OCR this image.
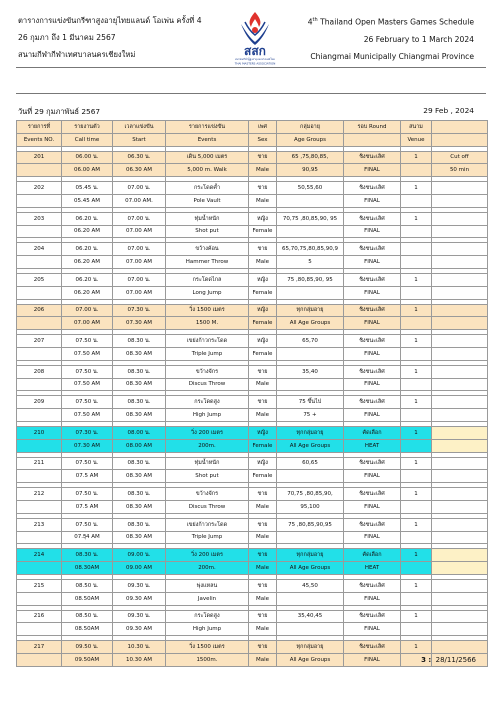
ตารางการแข่งขันกรีฑาสูงอายุไทยแลนด์ โอเพ่น ครั้งที่ 4
26 กุมภา ถึง 1 มีนาคม 2567
สนามกีฬากีฬาเทศบาลนครเชียงใหม่	สสก
สมาคมกีฬาผู้สูงอายุแห่งประเทศไทย
THAI MASTERS ASSOCIATION
4th Thailand Open Masters Games Schedule
26 February to 1 March 2024
Chiangmai Municipally Chiangmai Province
วันที่ 29 กุมภาพันธ์ 2567	29 Feb , 2024
รายการที่	รายงานตัว	เวลาแข่งขัน	รายการแข่งขัน	เพศ	กลุ่มอายุ	รอบ Round	สนาม	
Events NO.	Call time	Start	Events	Sex	Age Groups		Venue	

201	06.00 น.	06.30 น.	เดิน 5,000 เมตร	ชาย	65 ,75,80,85,	ชิงชนะเลิศ	1	Cut off
	06.00 AM	06.30 AM	5,000 m. Walk	Male	90,95	FINAL		50 min

202	05.45 น.	07.00 น.	กระโดดค้ำ	ชาย	50,55,60	ชิงชนะเลิศ	1	
	05.45 AM	07.00 AM.	Pole Vault	Male		FINAL		

203	06.20 น.	07.00 น.	ทุ่มน้ำหนัก	หญิง	70,75 ,80,85,90, 95	ชิงชนะเลิศ	1	
	06.20 AM	07.00 AM	Shot put	Female		FINAL		

204	06.20 น.	07.00 น.	ขว้างค้อน	ชาย	65,70,75,80,85,90,9	ชิงชนะเลิศ		
	06.20 AM	07.00 AM	Hammer Throw	Male	5	FINAL		

205	06.20 น.	07.00 น.	กระโดดไกล	หญิง	75 ,80,85,90, 95	ชิงชนะเลิศ	1	
	06.20 AM	07.00 AM	Long Jump	Female		FINAL		

206	07.00 น.	07.30 น.	วิ่ง 1500 เมตร	หญิง	ทุกกลุ่มอายุ	ชิงชนะเลิศ	1	
	07.00 AM	07.30 AM	1500 M.	Female	All Age Groups	FINAL		

207	07.50 น.	08.30 น.	เขย่งก้าวกระโดด	หญิง	65,70	ชิงชนะเลิศ	1	
	07.50 AM	08.30 AM	Triple Jump	Female		FINAL		

208	07.50 น.	08.30 น.	ขว้างจักร	ชาย	35,40	ชิงชนะเลิศ	1	
	07.50 AM	08.30 AM	Discus Throw	Male		FINAL		

209	07.50 น.	08.30 น.	กระโดดสูง	ชาย	75 ขึ้นไป	ชิงชนะเลิศ	1	
	07.50 AM	08.30 AM	High Jump	Male	75 +	FINAL		

210	07.30 น.	08.00 น.	วิ่ง 200 เมตร	หญิง	ทุกกลุ่มอายุ	คัดเลือก	1	
	07.30 AM	08.00 AM	200m.	Female	All Age Groups	HEAT		

211	07.50 น.	08.30 น.	ทุ่มน้ำหนัก	หญิง	60,65	ชิงชนะเลิศ	1	
	07.5 AM	08.30 AM	Shot put	Female		FINAL		

212	07.50 น.	08.30 น.	ขว้างจักร	ชาย	70,75 ,80,85,90,	ชิงชนะเลิศ	1	
	07.5 AM	08.30 AM	Discus Throw	Male	95,100	FINAL		

213	07.50 น.	08.30 น.	เขย่งก้าวกระโดด	ชาย	75 ,80,85,90,95	ชิงชนะเลิศ	1	
	07.5ุ4 AM	08.30 AM	Triple Jump	Male		FINAL		

214	08.30 น.	09.00 น.	วิ่ง 200 เมตร	ชาย	ทุกกลุ่มอายุ	คัดเลือก	1	
	08.30AM	09.00 AM	200m.	Male	All Age Groups	HEAT		

215	08.50 น.	09.30 น.	พุ่งแหลน	ชาย	45,50	ชิงชนะเลิศ	1	
	08.50AM	09.30 AM	Javelin	Male		FINAL		

216	08.50 น.	09.30 น.	กระโดดสูง	ชาย	35,40,45	ชิงชนะเลิศ	1	
	08.50AM	09.30 AM	High Jump	Male		FINAL		

217	09.50 น.	10.30 น.	วิ่ง 1500 เมตร	ชาย	ทุกกลุ่มอายุ	ชิงชนะเลิศ	1	
	09.50AM	10.30 AM	1500m.	Male	All Age Groups	FINAL			3 : 28/11/2566
